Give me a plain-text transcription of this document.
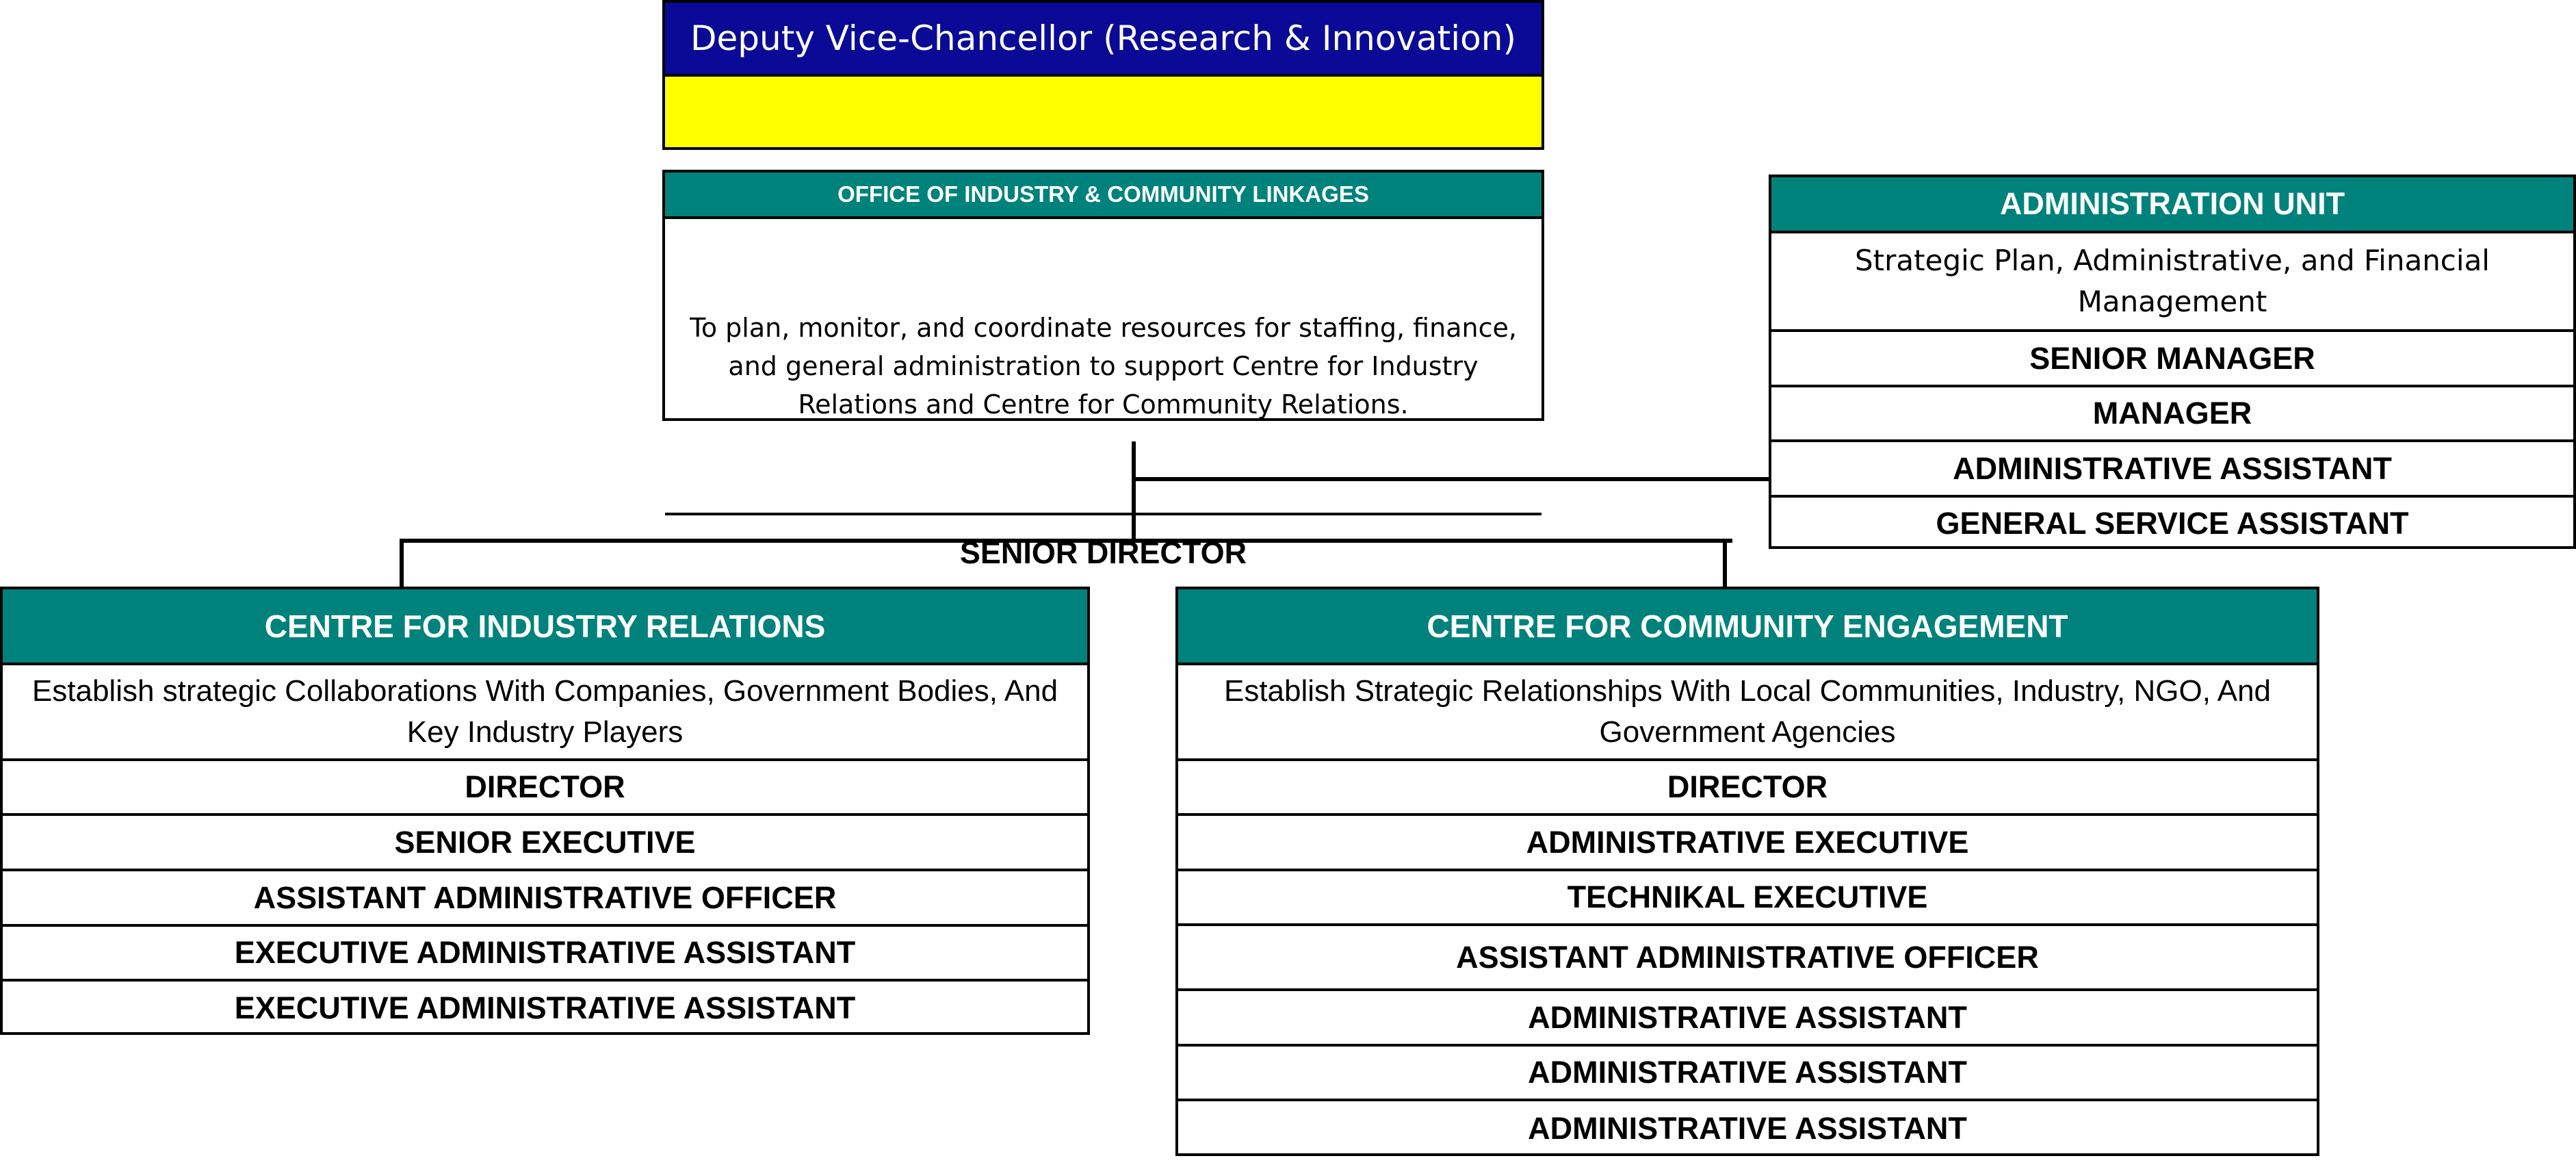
Deputy Vice-Chancellor (Research & Innovation)
OFFICE OF INDUSTRY & COMMUNITY LINKAGES
To plan, monitor, and coordinate resources for staffing, finance, and general administration to support Centre for Industry Relations and Centre for Community Relations.
SENIOR DIRECTOR
ADMINISTRATION UNIT
Strategic Plan, Administrative, and Financial Management
SENIOR MANAGER
MANAGER
ADMINISTRATIVE ASSISTANT
GENERAL SERVICE ASSISTANT
CENTRE FOR INDUSTRY RELATIONS
Establish strategic Collaborations With Companies, Government Bodies, And Key Industry Players
DIRECTOR
SENIOR EXECUTIVE
ASSISTANT ADMINISTRATIVE OFFICER
EXECUTIVE ADMINISTRATIVE ASSISTANT
EXECUTIVE ADMINISTRATIVE ASSISTANT
CENTRE FOR COMMUNITY ENGAGEMENT
Establish Strategic Relationships With Local Communities, Industry, NGO, And Government Agencies
DIRECTOR
ADMINISTRATIVE EXECUTIVE
TECHNIKAL EXECUTIVE
ASSISTANT ADMINISTRATIVE OFFICER
ADMINISTRATIVE ASSISTANT
ADMINISTRATIVE ASSISTANT
ADMINISTRATIVE ASSISTANT
